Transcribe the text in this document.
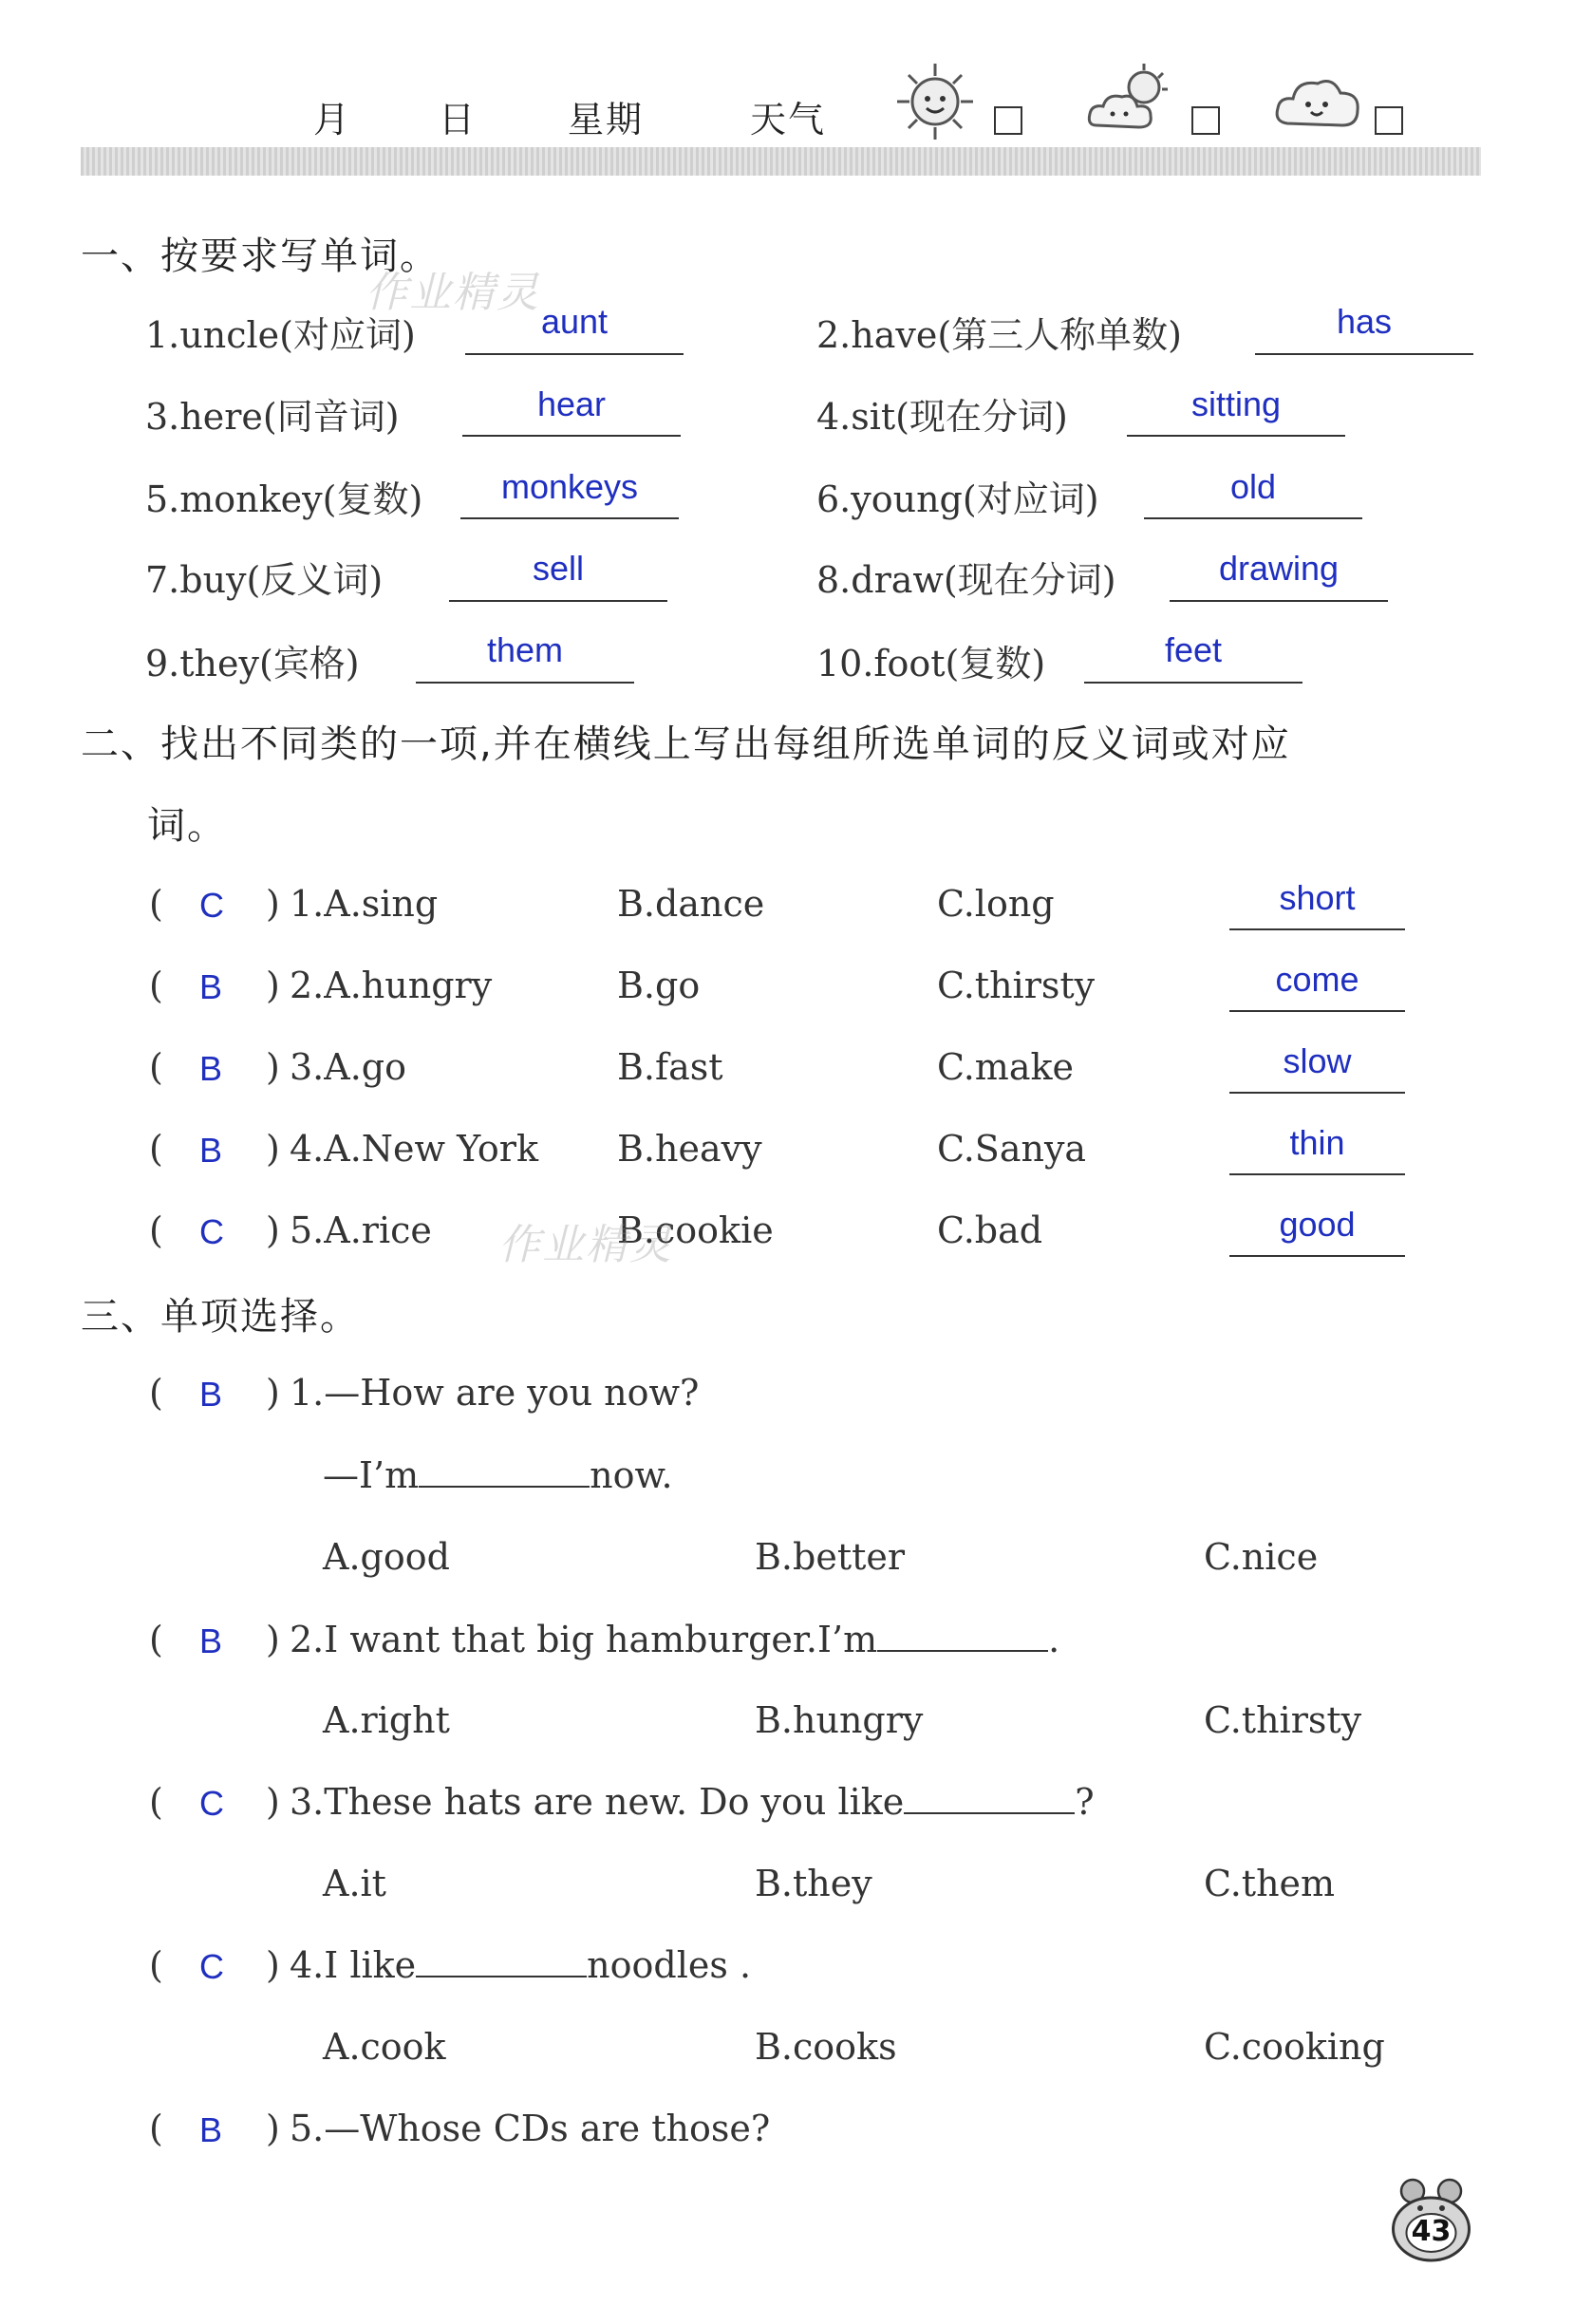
月 日	星期	天气
一、按要求写单词。
作业精灵
1.uncle(对应词)	aunt	2.have(第三人称单数)	has
3.here(同音词)	hear	4.sit(现在分词)	sitting
5.monkey(复数)	monkeys	6.young(对应词)	old
7.buy(反义词)	sell	8.draw(现在分词)	drawing
9.they(宾格)	them	10.foot(复数)	feet
二、找出不同类的一项,并在横线上写出每组所选单词的反义词或对应
词。
( C ) 1.A.sing	B.dance	C.long	short
( B ) 2.A.hungry	B.go	C.thirsty	come
( B ) 3.A.go	B.fast	C.make	slow
( B ) 4.A.New York B.heavy	C.Sanya	thin
( C ) 5.A.rice	B.cookie	C.bad	good
作业精灵
三、单项选择。
( B ) 1.—How are you now?
—I’m	now.
A.good	B.better	C.nice
( B ) 2.I want that big hamburger.I’m	.
A.right	B.hungry	C.thirsty
( C ) 3.These hats are new. Do you like	?
A.it	B.they	C.them
( C ) 4.I like	noodles .
A.cook	B.cooks	C.cooking
( B ) 5.—Whose CDs are those?
43
